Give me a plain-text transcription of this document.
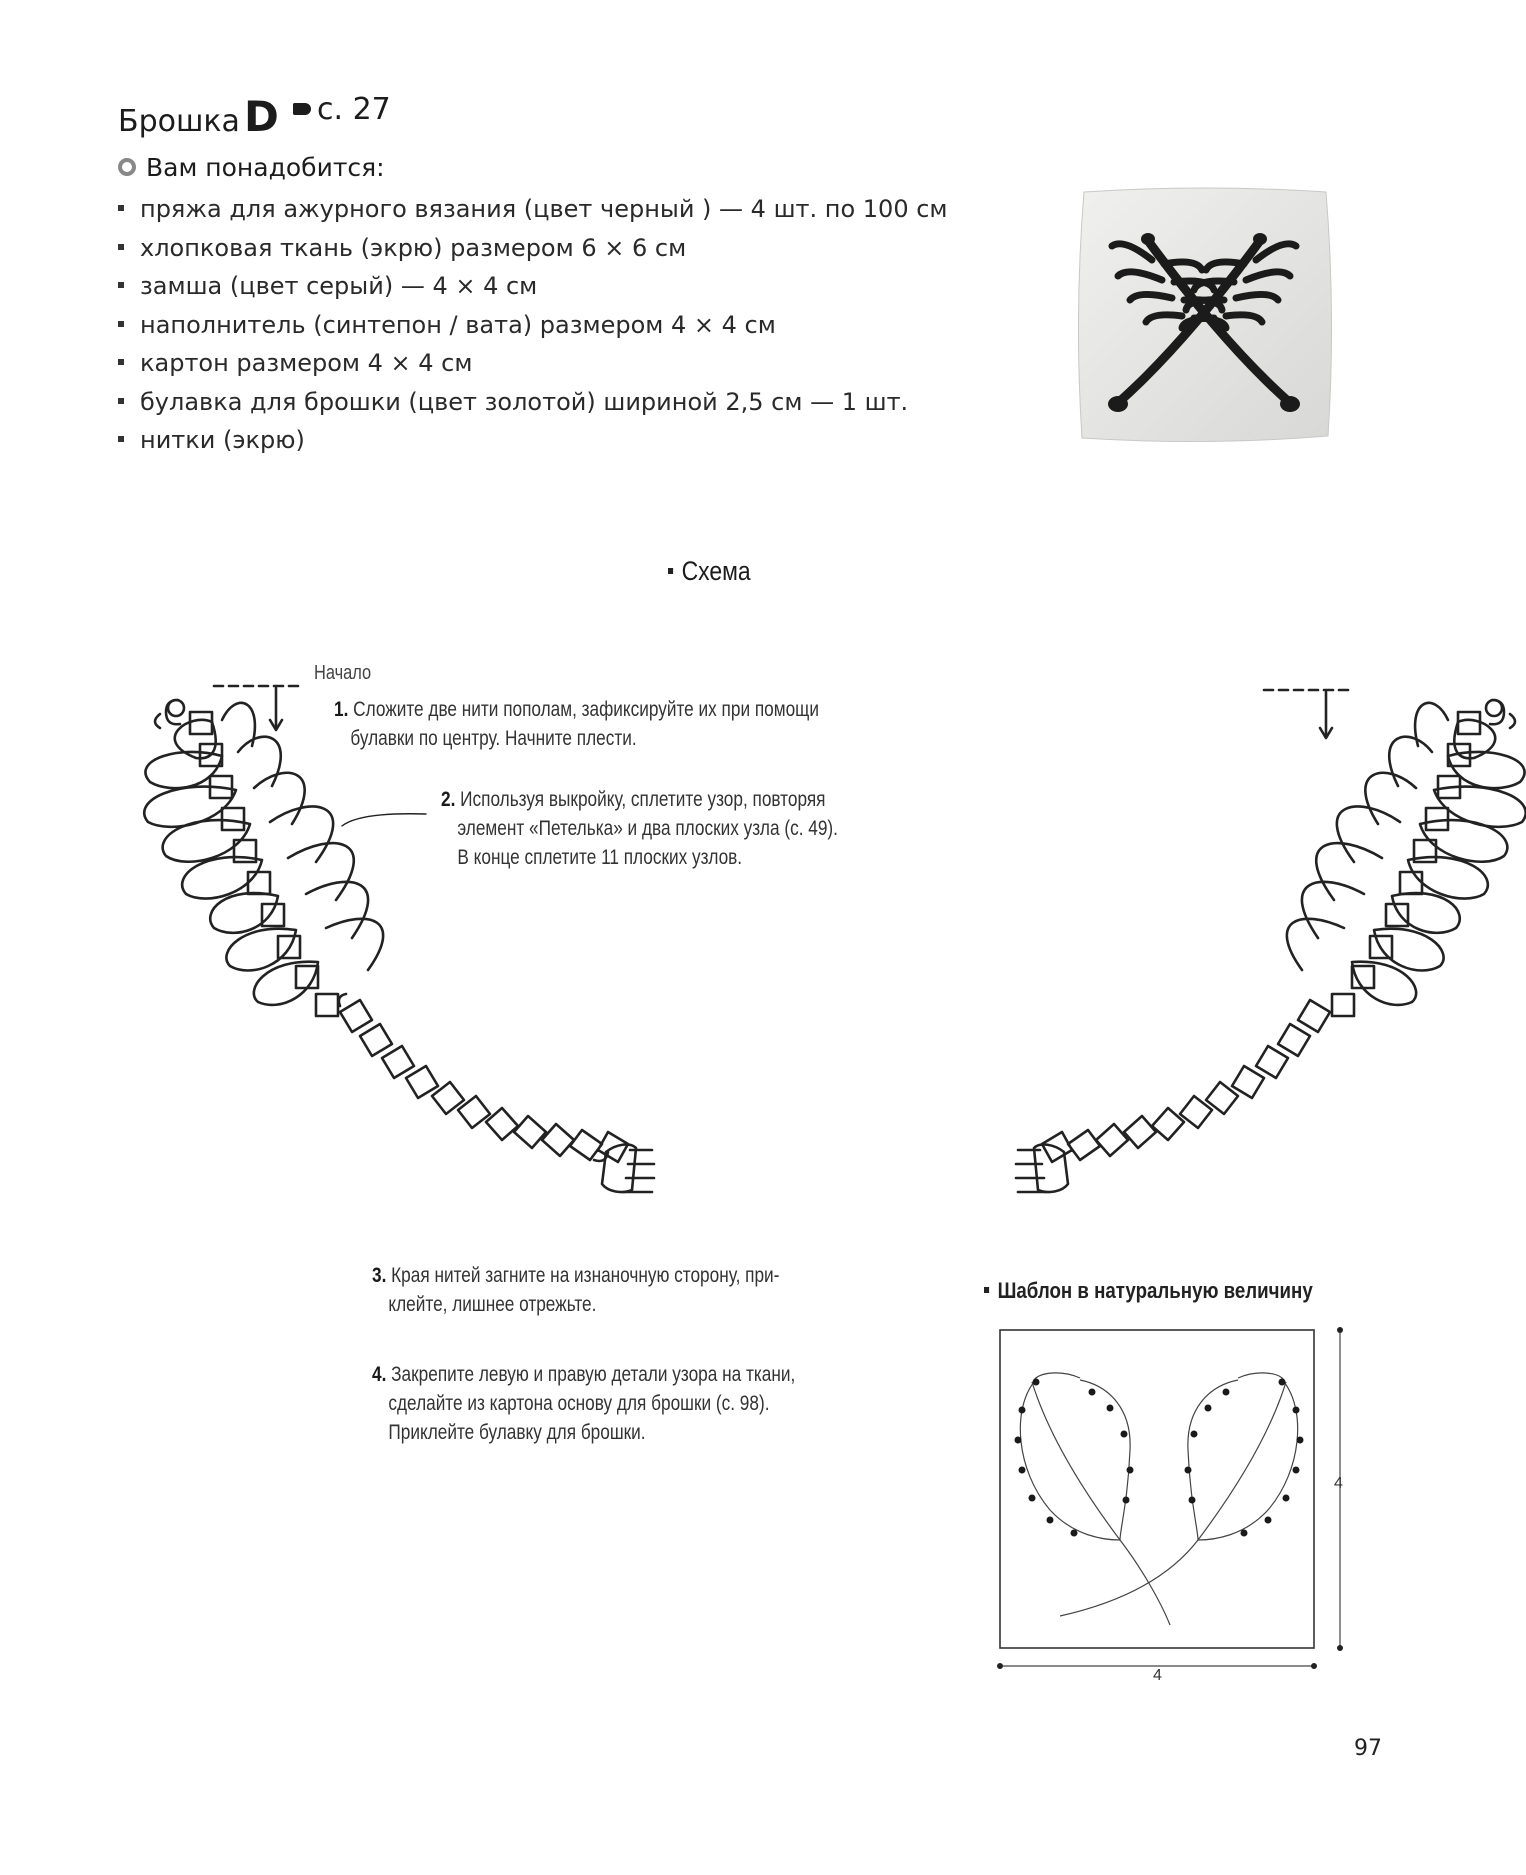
БрошкаD	с. 27
Вам понадобится:
пряжа для ажурного вязания (цвет черный ) — 4 шт. по 100 см
хлопковая ткань (экрю) размером 6 × 6 см
замша (цвет серый) — 4 × 4 см
наполнитель (синтепон / вата) размером 4 × 4 см
картон размером 4 × 4 см
булавка для брошки (цвет золотой) шириной 2,5 см — 1 шт.
нитки (экрю)
Схема
4
4
Начало
1. Сложите две нити пополам, зафиксируйте их при помощи
булавки по центру. Начните плести.
2. Используя выкройку, сплетите узор, повторяя
элемент «Петелька» и два плоских узла (с. 49).
В конце сплетите 11 плоских узлов.
3. Края нитей загните на изнаночную сторону, при-
клейте, лишнее отрежьте.
4. Закрепите левую и правую детали узора на ткани,
сделайте из картона основу для брошки (с. 98).
Приклейте булавку для брошки.
Шаблон в натуральную величину
97
